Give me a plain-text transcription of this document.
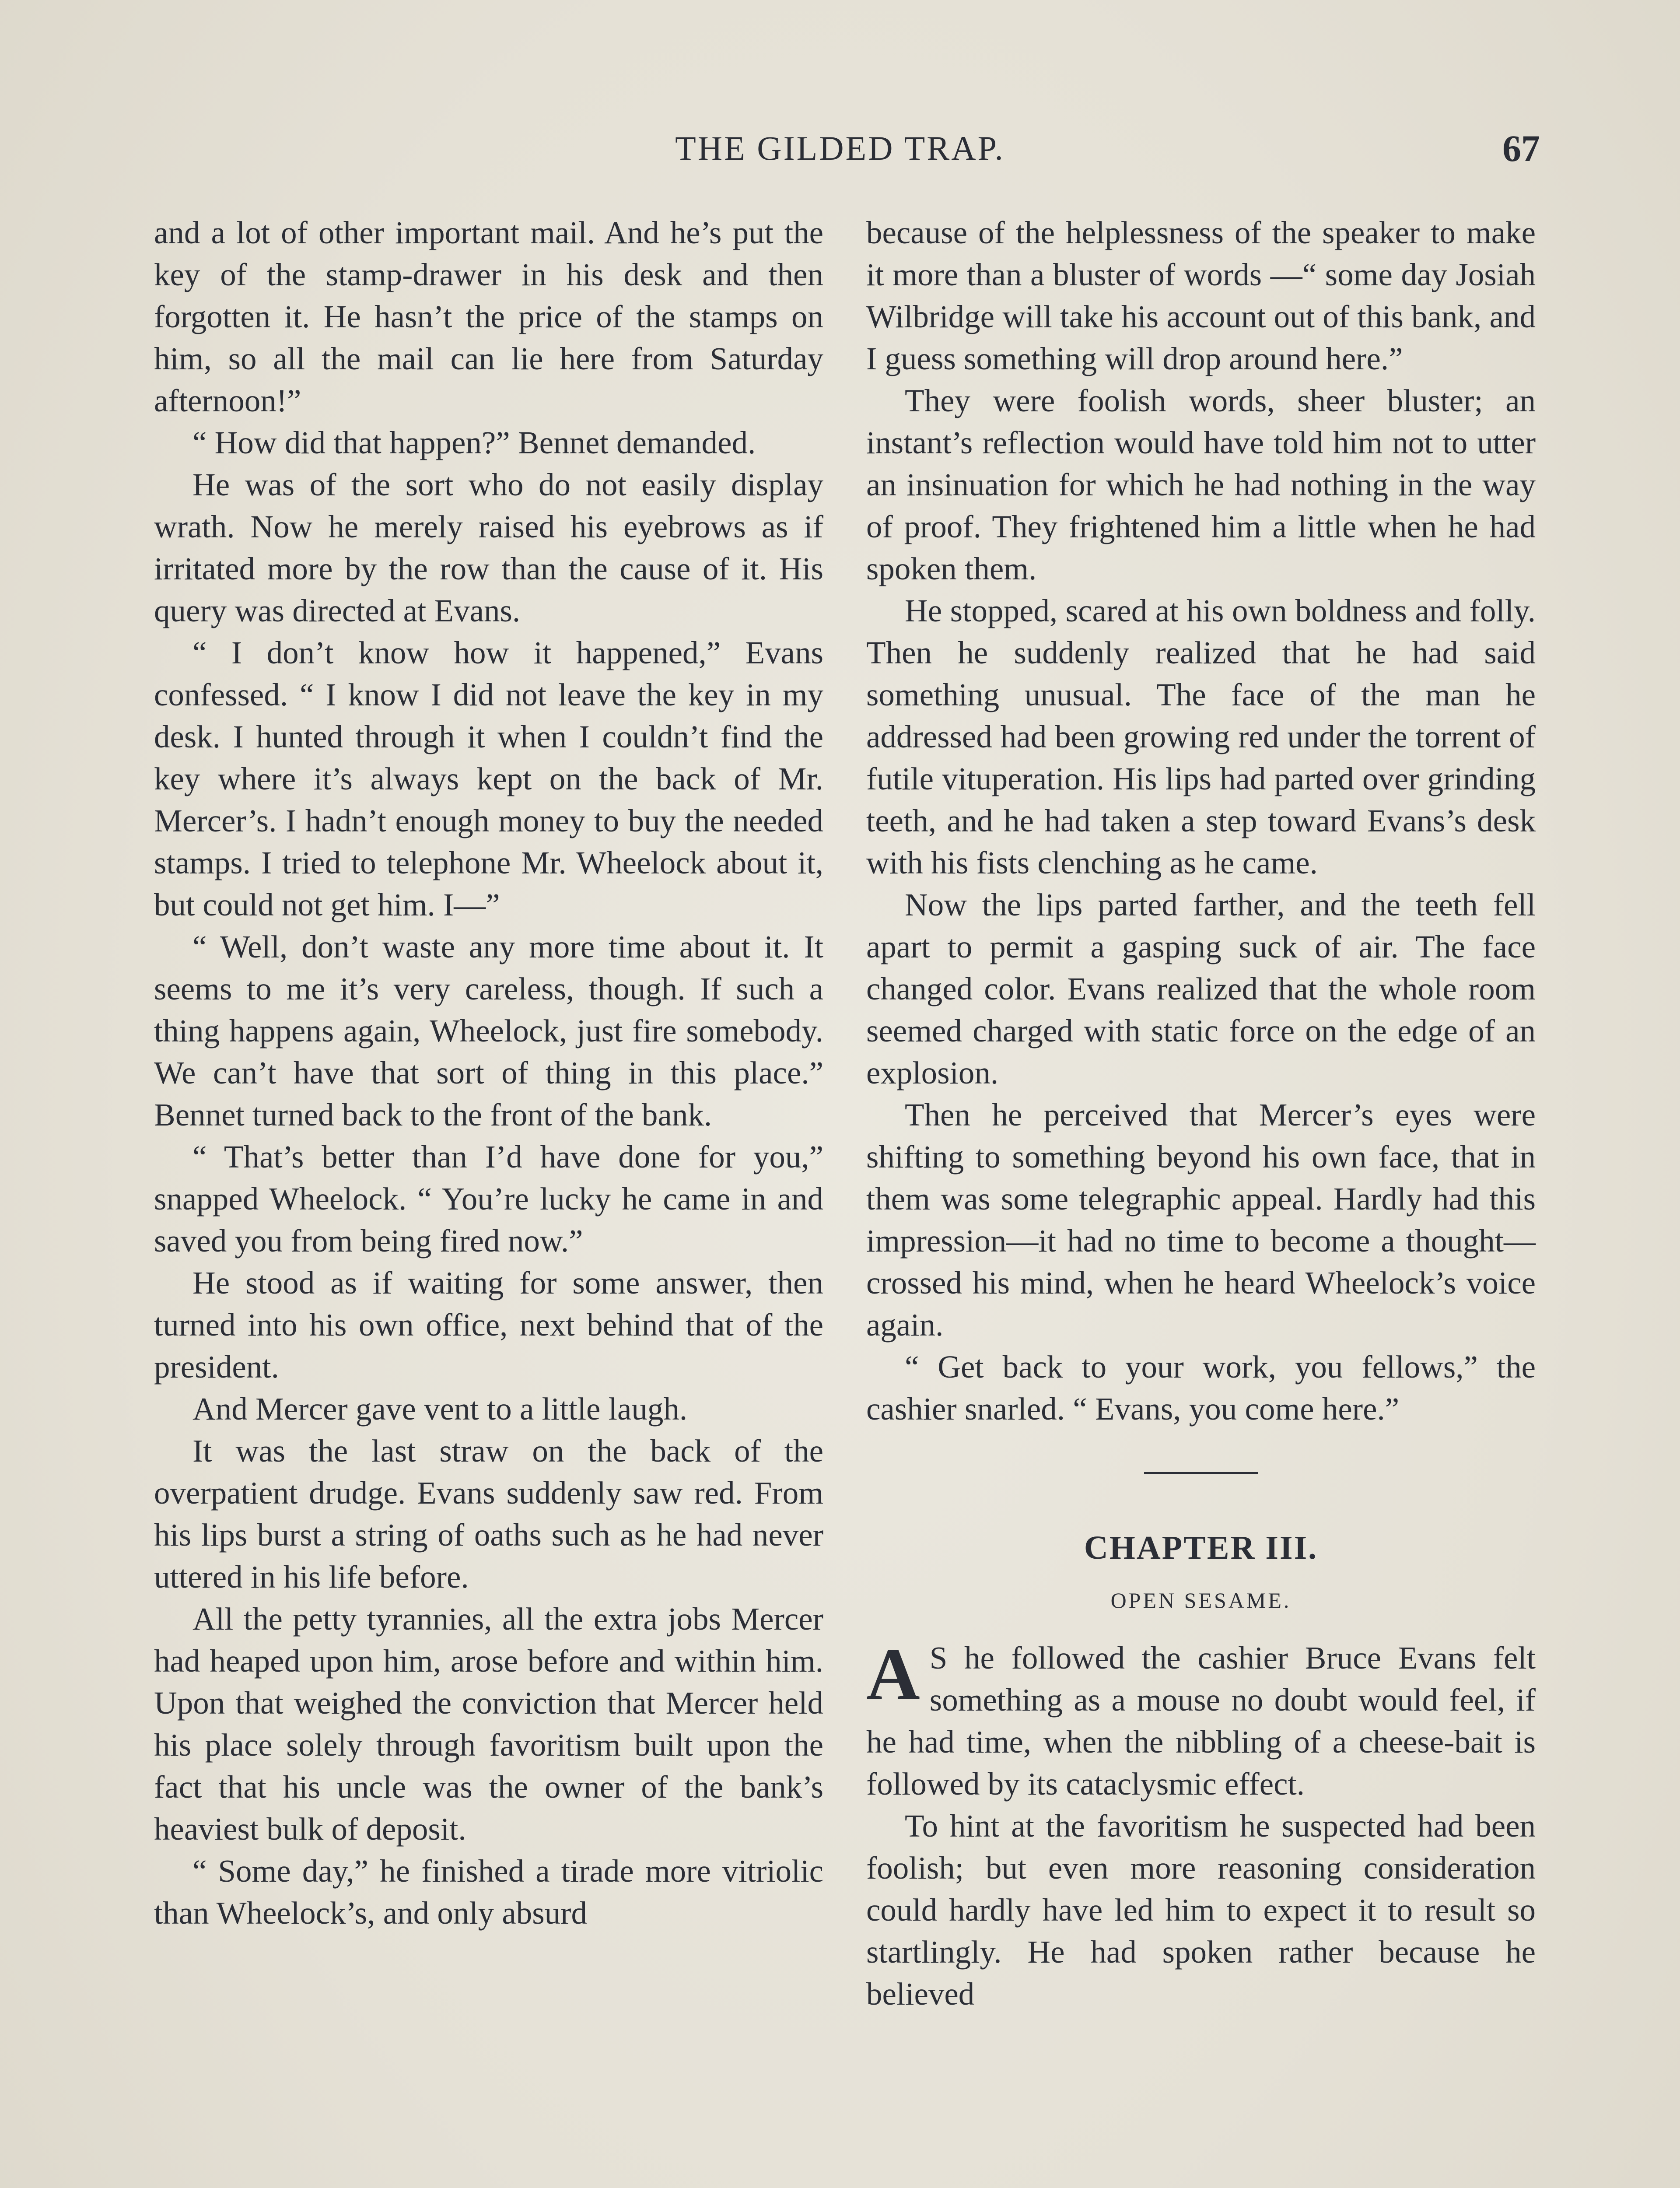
THE GILDED TRAP.	67

and a lot of other important mail. And he’s put the key of the stamp-drawer in his desk and then forgotten it. He hasn’t the price of the stamps on him, so all the mail can lie here from Saturday afternoon!”

“ How did that happen?” Bennet demanded.

He was of the sort who do not easily display wrath. Now he merely raised his eyebrows as if irritated more by the row than the cause of it. His query was directed at Evans.

“ I don’t know how it happened,” Evans confessed. “ I know I did not leave the key in my desk. I hunted through it when I couldn’t find the key where it’s always kept on the back of Mr. Mercer’s. I hadn’t enough money to buy the needed stamps. I tried to telephone Mr. Wheelock about it, but could not get him. I—”

“ Well, don’t waste any more time about it. It seems to me it’s very careless, though. If such a thing happens again, Wheelock, just fire somebody. We can’t have that sort of thing in this place.” Bennet turned back to the front of the bank.

“ That’s better than I’d have done for you,” snapped Wheelock. “ You’re lucky he came in and saved you from being fired now.”

He stood as if waiting for some answer, then turned into his own office, next behind that of the president.

And Mercer gave vent to a little laugh.

It was the last straw on the back of the overpatient drudge. Evans suddenly saw red. From his lips burst a string of oaths such as he had never uttered in his life before.

All the petty tyrannies, all the extra jobs Mercer had heaped upon him, arose before and within him. Upon that weighed the conviction that Mercer held his place solely through favoritism built upon the fact that his uncle was the owner of the bank’s heaviest bulk of deposit.

“ Some day,” he finished a tirade more vitriolic than Wheelock’s, and only absurd

because of the helplessness of the speaker to make it more than a bluster of words —“ some day Josiah Wilbridge will take his account out of this bank, and I guess something will drop around here.”

They were foolish words, sheer bluster; an instant’s reflection would have told him not to utter an insinuation for which he had nothing in the way of proof. They frightened him a little when he had spoken them.

He stopped, scared at his own boldness and folly. Then he suddenly realized that he had said something unusual. The face of the man he addressed had been growing red under the torrent of futile vituperation. His lips had parted over grinding teeth, and he had taken a step toward Evans’s desk with his fists clenching as he came.

Now the lips parted farther, and the teeth fell apart to permit a gasping suck of air. The face changed color. Evans realized that the whole room seemed charged with static force on the edge of an explosion.

Then he perceived that Mercer’s eyes were shifting to something beyond his own face, that in them was some telegraphic appeal. Hardly had this impression—it had no time to become a thought— crossed his mind, when he heard Wheelock’s voice again.

“ Get back to your work, you fellows,” the cashier snarled. “ Evans, you come here.”

CHAPTER III.
OPEN SESAME.

A S he followed the cashier Bruce Evans felt something as a mouse no doubt would feel, if he had time, when the nibbling of a cheese-bait is followed by its cataclysmic effect.

To hint at the favoritism he suspected had been foolish; but even more reasoning consideration could hardly have led him to expect it to result so startlingly. He had spoken rather because he believed
